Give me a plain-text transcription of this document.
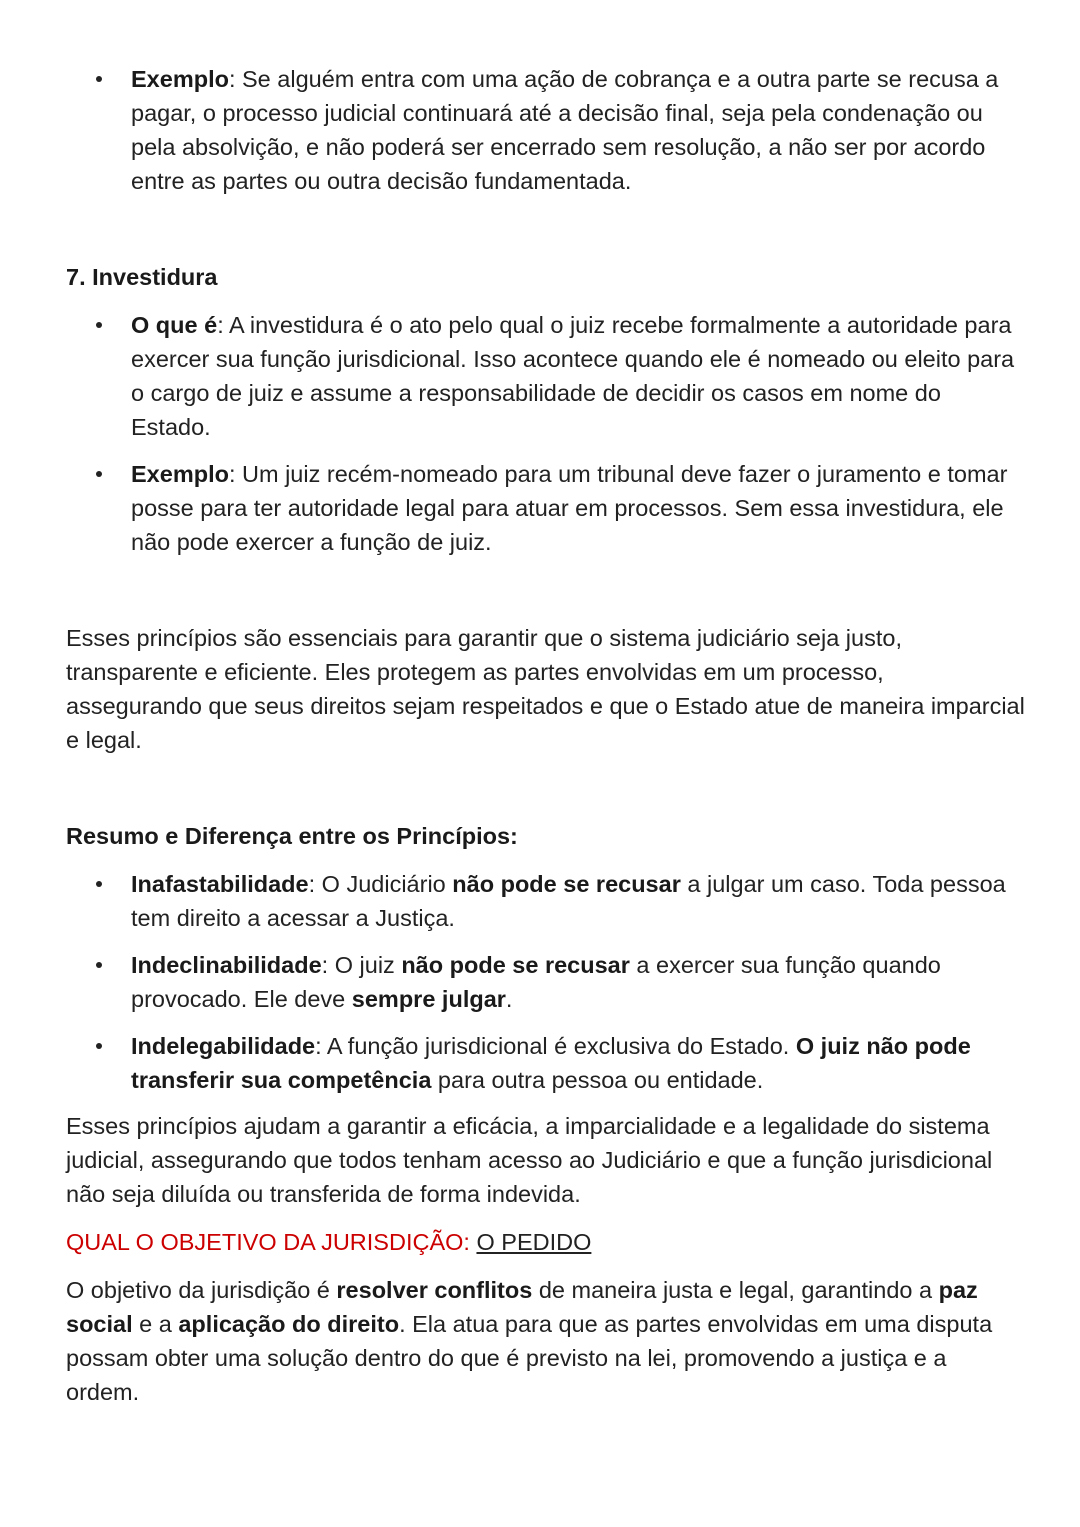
Exemplo: Se alguém entra com uma ação de cobrança e a outra parte se recusa a pagar, o processo judicial continuará até a decisão final, seja pela condenação ou pela absolvição, e não poderá ser encerrado sem resolução, a não ser por acordo entre as partes ou outra decisão fundamentada.

7. Investidura

O que é: A investidura é o ato pelo qual o juiz recebe formalmente a autoridade para exercer sua função jurisdicional. Isso acontece quando ele é nomeado ou eleito para o cargo de juiz e assume a responsabilidade de decidir os casos em nome do Estado.
Exemplo: Um juiz recém-nomeado para um tribunal deve fazer o juramento e tomar posse para ter autoridade legal para atuar em processos. Sem essa investidura, ele não pode exercer a função de juiz.

Esses princípios são essenciais para garantir que o sistema judiciário seja justo, transparente e eficiente. Eles protegem as partes envolvidas em um processo, assegurando que seus direitos sejam respeitados e que o Estado atue de maneira imparcial e legal.

Resumo e Diferença entre os Princípios:

Inafastabilidade: O Judiciário não pode se recusar a julgar um caso. Toda pessoa tem direito a acessar a Justiça.
Indeclinabilidade: O juiz não pode se recusar a exercer sua função quando provocado. Ele deve sempre julgar.
Indelegabilidade: A função jurisdicional é exclusiva do Estado. O juiz não pode transferir sua competência para outra pessoa ou entidade.

Esses princípios ajudam a garantir a eficácia, a imparcialidade e a legalidade do sistema judicial, assegurando que todos tenham acesso ao Judiciário e que a função jurisdicional não seja diluída ou transferida de forma indevida.

QUAL O OBJETIVO DA JURISDIÇÃO: O PEDIDO

O objetivo da jurisdição é resolver conflitos de maneira justa e legal, garantindo a paz social e a aplicação do direito. Ela atua para que as partes envolvidas em uma disputa possam obter uma solução dentro do que é previsto na lei, promovendo a justiça e a ordem.
